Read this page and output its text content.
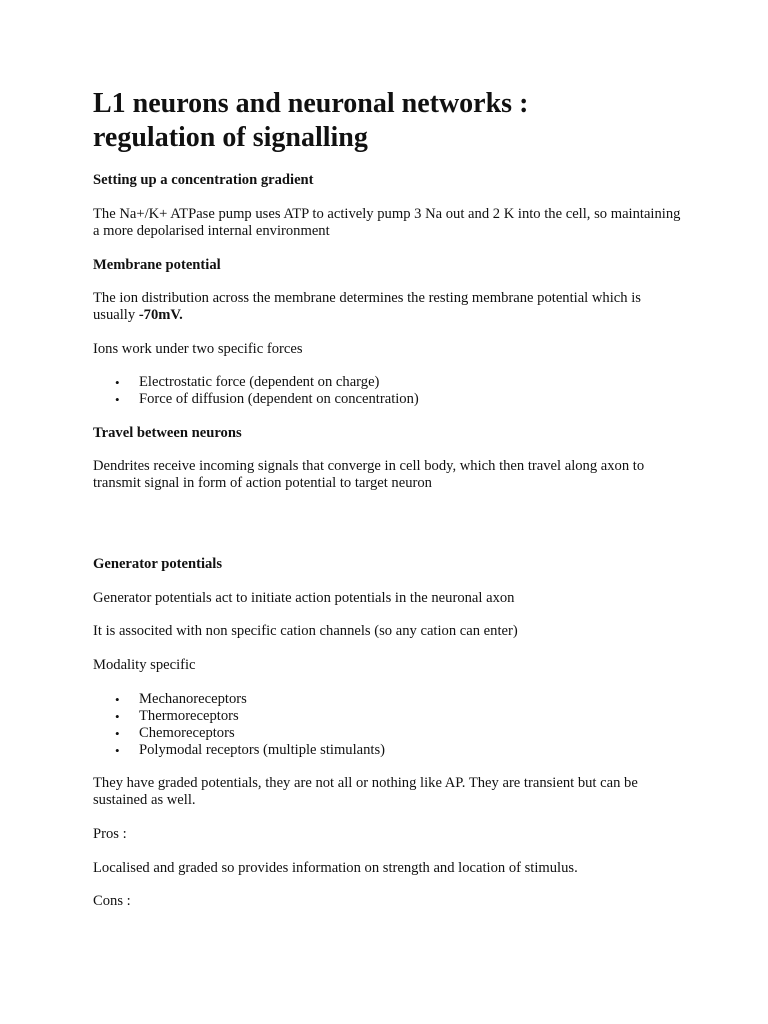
L1 neurons and neuronal networks :
regulation of signalling

Setting up a concentration gradient

The Na+/K+ ATPase pump uses ATP to actively pump 3 Na out and 2 K into the cell, so maintaining a more depolarised internal environment

Membrane potential

The ion distribution across the membrane determines the resting membrane potential which is usually -70mV.

Ions work under two specific forces

• Electrostatic force (dependent on charge)
• Force of diffusion (dependent on concentration)

Travel between neurons

Dendrites receive incoming signals that converge in cell body, which then travel along axon to transmit signal in form of action potential to target neuron

Generator potentials

Generator potentials act to initiate action potentials in the neuronal axon

It is associted with non specific cation channels (so any cation can enter)

Modality specific

• Mechanoreceptors
• Thermoreceptors
• Chemoreceptors
• Polymodal receptors (multiple stimulants)

They have graded potentials, they are not all or nothing like AP. They are transient but can be sustained as well.

Pros :

Localised and graded so provides information on strength and location of stimulus.

Cons :
